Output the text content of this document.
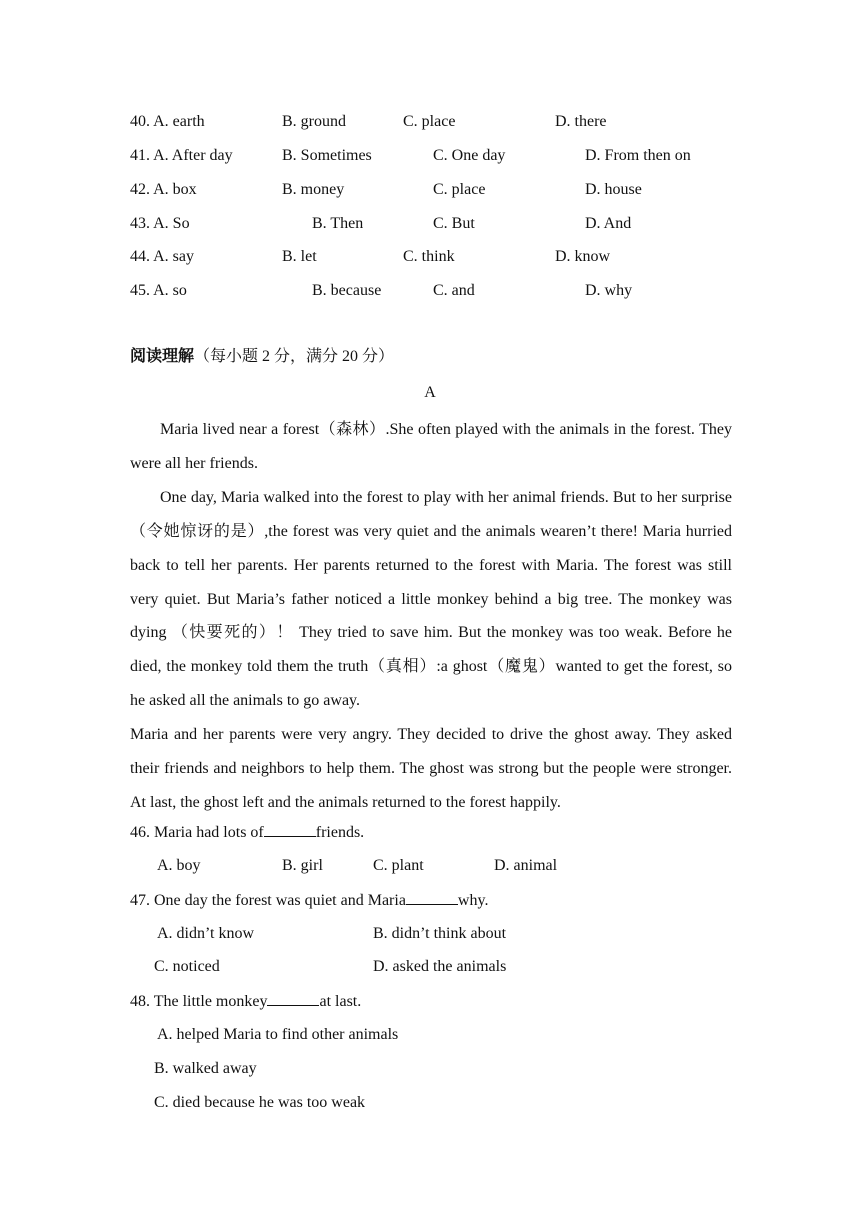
40. A. earth	B. ground	C. place	D. there
41. A. After day	B. Sometimes	C. One day	D. From then on
42. A. box	B. money	C. place	D. house
43. A. So	B. Then	C. But	D. And
44. A. say	B. let	C. think	D. know
45. A. so	B. because	C. and	D. why
阅读理解（每小题 2 分，满分 20 分）
A

Maria lived near a forest（森林）.She often played with the animals in the forest. They were all her friends.

One day, Maria walked into the forest to play with her animal friends. But to her surprise（令她惊讶的是）,the forest was very quiet and the animals wearen’t there! Maria hurried back to tell her parents. Her parents returned to the forest with Maria. The forest was still very quiet. But Maria’s father noticed a little monkey behind a big tree. The monkey was dying （快要死的）！ They tried to save him. But the monkey was too weak. Before he died, the monkey told them the truth（真相）:a ghost（魔鬼）wanted to get the forest, so he asked all the animals to go away.

Maria and her parents were very angry. They decided to drive the ghost away. They asked their friends and neighbors to help them. The ghost was strong but the people were stronger. At last, the ghost left and the animals returned to the forest happily.

46. Maria had lots of	friends.
A. boy	B. girl	C. plant	D. animal
47. One day the forest was quiet and Maria	why.
A. didn’t know	B. didn’t think about
C. noticed	D. asked the animals
48. The little monkey	at last.
A. helped Maria to find other animals
B. walked away
C. died because he was too weak
